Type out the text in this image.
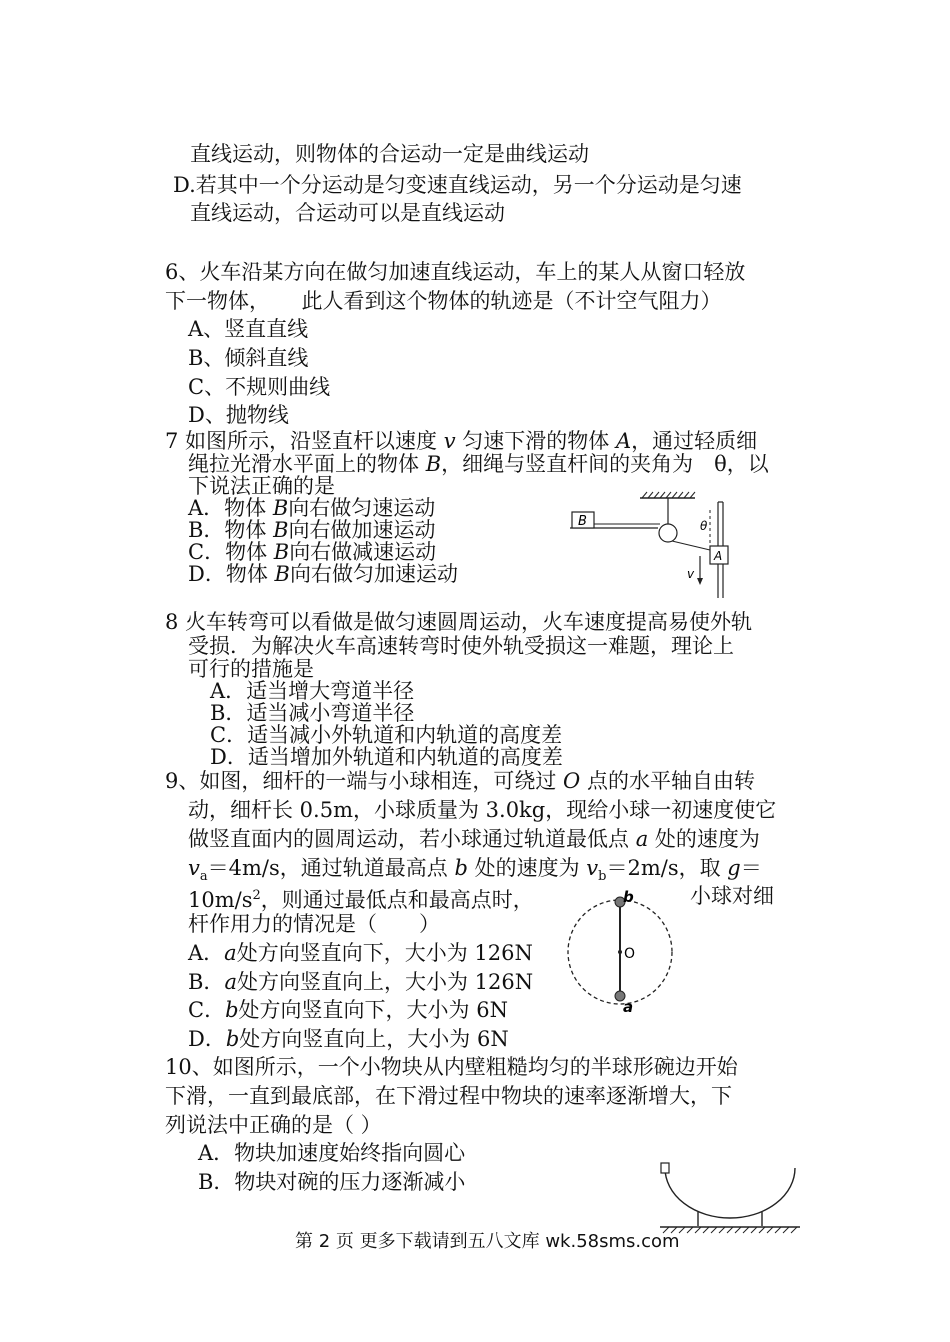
直线运动，则物体的合运动一定是曲线运动
D.若其中一个分运动是匀变速直线运动，另一个分运动是匀速
直线运动，合运动可以是直线运动
6、火车沿某方向在做匀加速直线运动，车上的某人从窗口轻放
下一物体，　　此人看到这个物体的轨迹是（不计空气阻力）
A、竖直直线
B、倾斜直线
C、不规则曲线
D、抛物线
7 如图所示，沿竖直杆以速度 v 匀速下滑的物体 A，通过轻质细
绳拉光滑水平面上的物体 B，细绳与竖直杆间的夹角为　θ，以
下说法正确的是
A．物体 B向右做匀速运动
B．物体 B向右做加速运动
C．物体 B向右做减速运动
D．物体 B向右做匀加速运动
B	θ
A
v
8 火车转弯可以看做是做匀速圆周运动，火车速度提高易使外轨
受损．为解决火车高速转弯时使外轨受损这一难题，理论上
可行的措施是
A．适当增大弯道半径
B．适当减小弯道半径
C．适当减小外轨道和内轨道的高度差
D．适当增加外轨道和内轨道的高度差
9、如图，细杆的一端与小球相连，可绕过 O 点的水平轴自由转
动，细杆长 0.5m，小球质量为 3.0kg，现给小球一初速度使它
做竖直面内的圆周运动，若小球通过轨道最低点 a 处的速度为
$v_a=4m/s$，通过轨道最高点 b 处的速度为 $v_b=2m/s$，取 g＝
$10m/s^2$，则通过最低点和最高点时，	小球对细
杆作用力的情况是（　　）
A．a处方向竖直向下，大小为 126N
B．a处方向竖直向上，大小为 126N
C．b处方向竖直向下，大小为 6N
D．b处方向竖直向上，大小为 6N
b
O
a
10、如图所示，一个小物块从内壁粗糙均匀的半球形碗边开始
下滑，一直到最底部，在下滑过程中物块的速率逐渐增大，下
列说法中正确的是（ ）
A．物块加速度始终指向圆心
B．物块对碗的压力逐渐减小
第 2 页 更多下载请到五八文库 wk.58sms.com
